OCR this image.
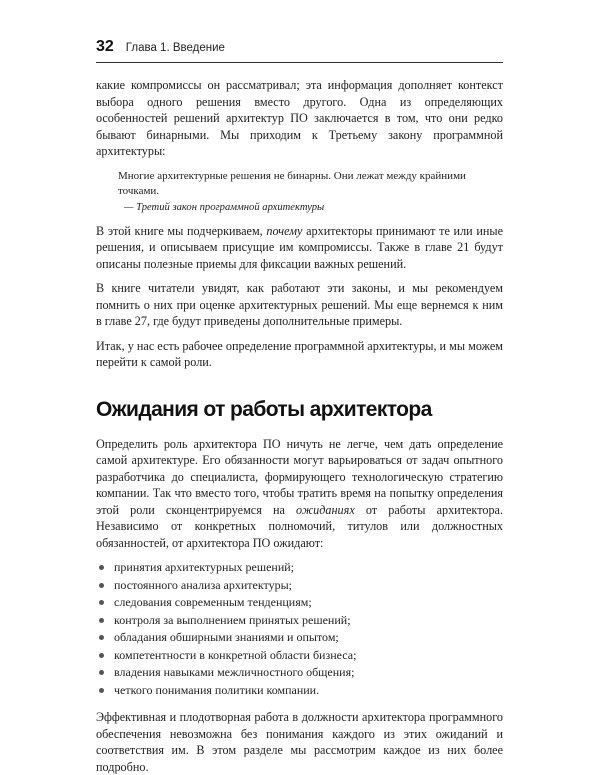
32 Глава 1. Введение

какие компромиссы он рассматривал; эта информация дополняет контекст выбора одного решения вместо другого. Одна из определяющих особенностей решений архитектур ПО заключается в том, что они редко бывают бинарными. Мы приходим к Третьему закону программной архитектуры:

Многие архитектурные решения не бинарны. Они лежат между крайними точками.
— Третий закон программной архитектуры

В этой книге мы подчеркиваем, почему архитекторы принимают те или иные решения, и описываем присущие им компромиссы. Также в главе 21 будут описаны полезные приемы для фиксации важных решений.

В книге читатели увидят, как работают эти законы, и мы рекомендуем помнить о них при оценке архитектурных решений. Мы еще вернемся к ним в главе 27, где будут приведены дополнительные примеры.

Итак, у нас есть рабочее определение программной архитектуры, и мы можем перейти к самой роли.

Ожидания от работы архитектора

Определить роль архитектора ПО ничуть не легче, чем дать определение самой архитектуре. Его обязанности могут варьироваться от задач опытного разработчика до специалиста, формирующего технологическую стратегию компании. Так что вместо того, чтобы тратить время на попытку определения этой роли сконцентрируемся на ожиданиях от работы архитектора. Независимо от конкретных полномочий, титулов или должностных обязанностей, от архитектора ПО ожидают:

принятия архитектурных решений;
постоянного анализа архитектуры;
следования современным тенденциям;
контроля за выполнением принятых решений;
обладания обширными знаниями и опытом;
компетентности в конкретной области бизнеса;
владения навыками межличностного общения;
четкого понимания политики компании.

Эффективная и плодотворная работа в должности архитектора программного обеспечения невозможна без понимания каждого из этих ожиданий и соответствия им. В этом разделе мы рассмотрим каждое из них более подробно.
